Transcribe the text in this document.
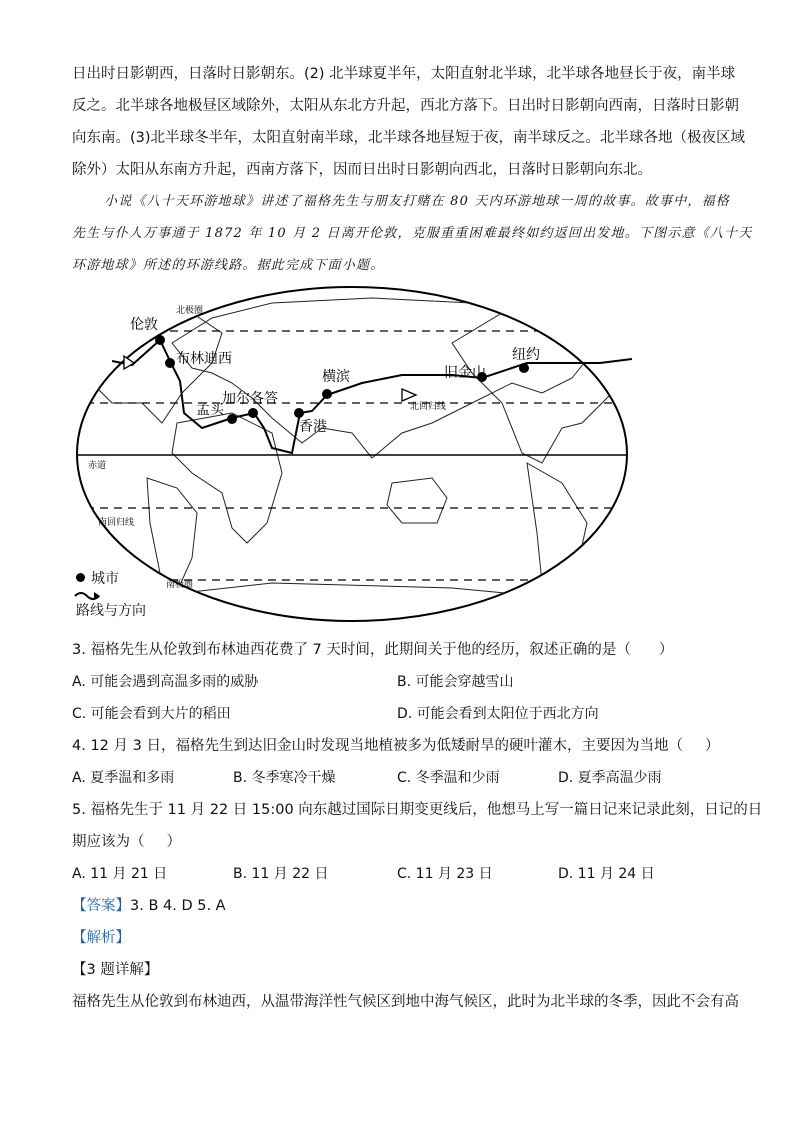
日出时日影朝西，日落时日影朝东。(2) 北半球夏半年，太阳直射北半球，北半球各地昼长于夜，南半球
反之。北半球各地极昼区域除外，太阳从东北方升起，西北方落下。日出时日影朝向西南，日落时日影朝
向东南。(3)北半球冬半年，太阳直射南半球，北半球各地昼短于夜，南半球反之。北半球各地（极夜区域
除外）太阳从东南方升起，西南方落下，因而日出时日影朝向西北，日落时日影朝向东北。
小说《八十天环游地球》讲述了福格先生与朋友打赌在 80 天内环游地球一周的故事。故事中，福格
先生与仆人万事通于 1872 年 10 月 2 日离开伦敦，克服重重困难最终如约返回出发地。下图示意《八十天
环游地球》所述的环游线路。据此完成下面小题。
伦敦
布林迪西
孟买
加尔各答
香港
横滨	旧金山
纽约
北极圈
北回归线
赤道
南回归线
南极圈
城市
路线与方向
3. 福格先生从伦敦到布林迪西花费了 7 天时间，此期间关于他的经历，叙述正确的是（ ）
A. 可能会遇到高温多雨的威胁	B. 可能会穿越雪山
C. 可能会看到大片的稻田	D. 可能会看到太阳位于西北方向
4. 12 月 3 日，福格先生到达旧金山时发现当地植被多为低矮耐旱的硬叶灌木，主要因为当地（ ）
A. 夏季温和多雨	B. 冬季寒冷干燥	C. 冬季温和少雨	D. 夏季高温少雨
5. 福格先生于 11 月 22 日 15:00 向东越过国际日期变更线后，他想马上写一篇日记来记录此刻，日记的日
期应该为（ ）
A. 11 月 21 日	B. 11 月 22 日	C. 11 月 23 日	D. 11 月 24 日
【答案】3. B 4. D 5. A
【解析】
【3 题详解】
福格先生从伦敦到布林迪西，从温带海洋性气候区到地中海气候区，此时为北半球的冬季，因此不会有高
